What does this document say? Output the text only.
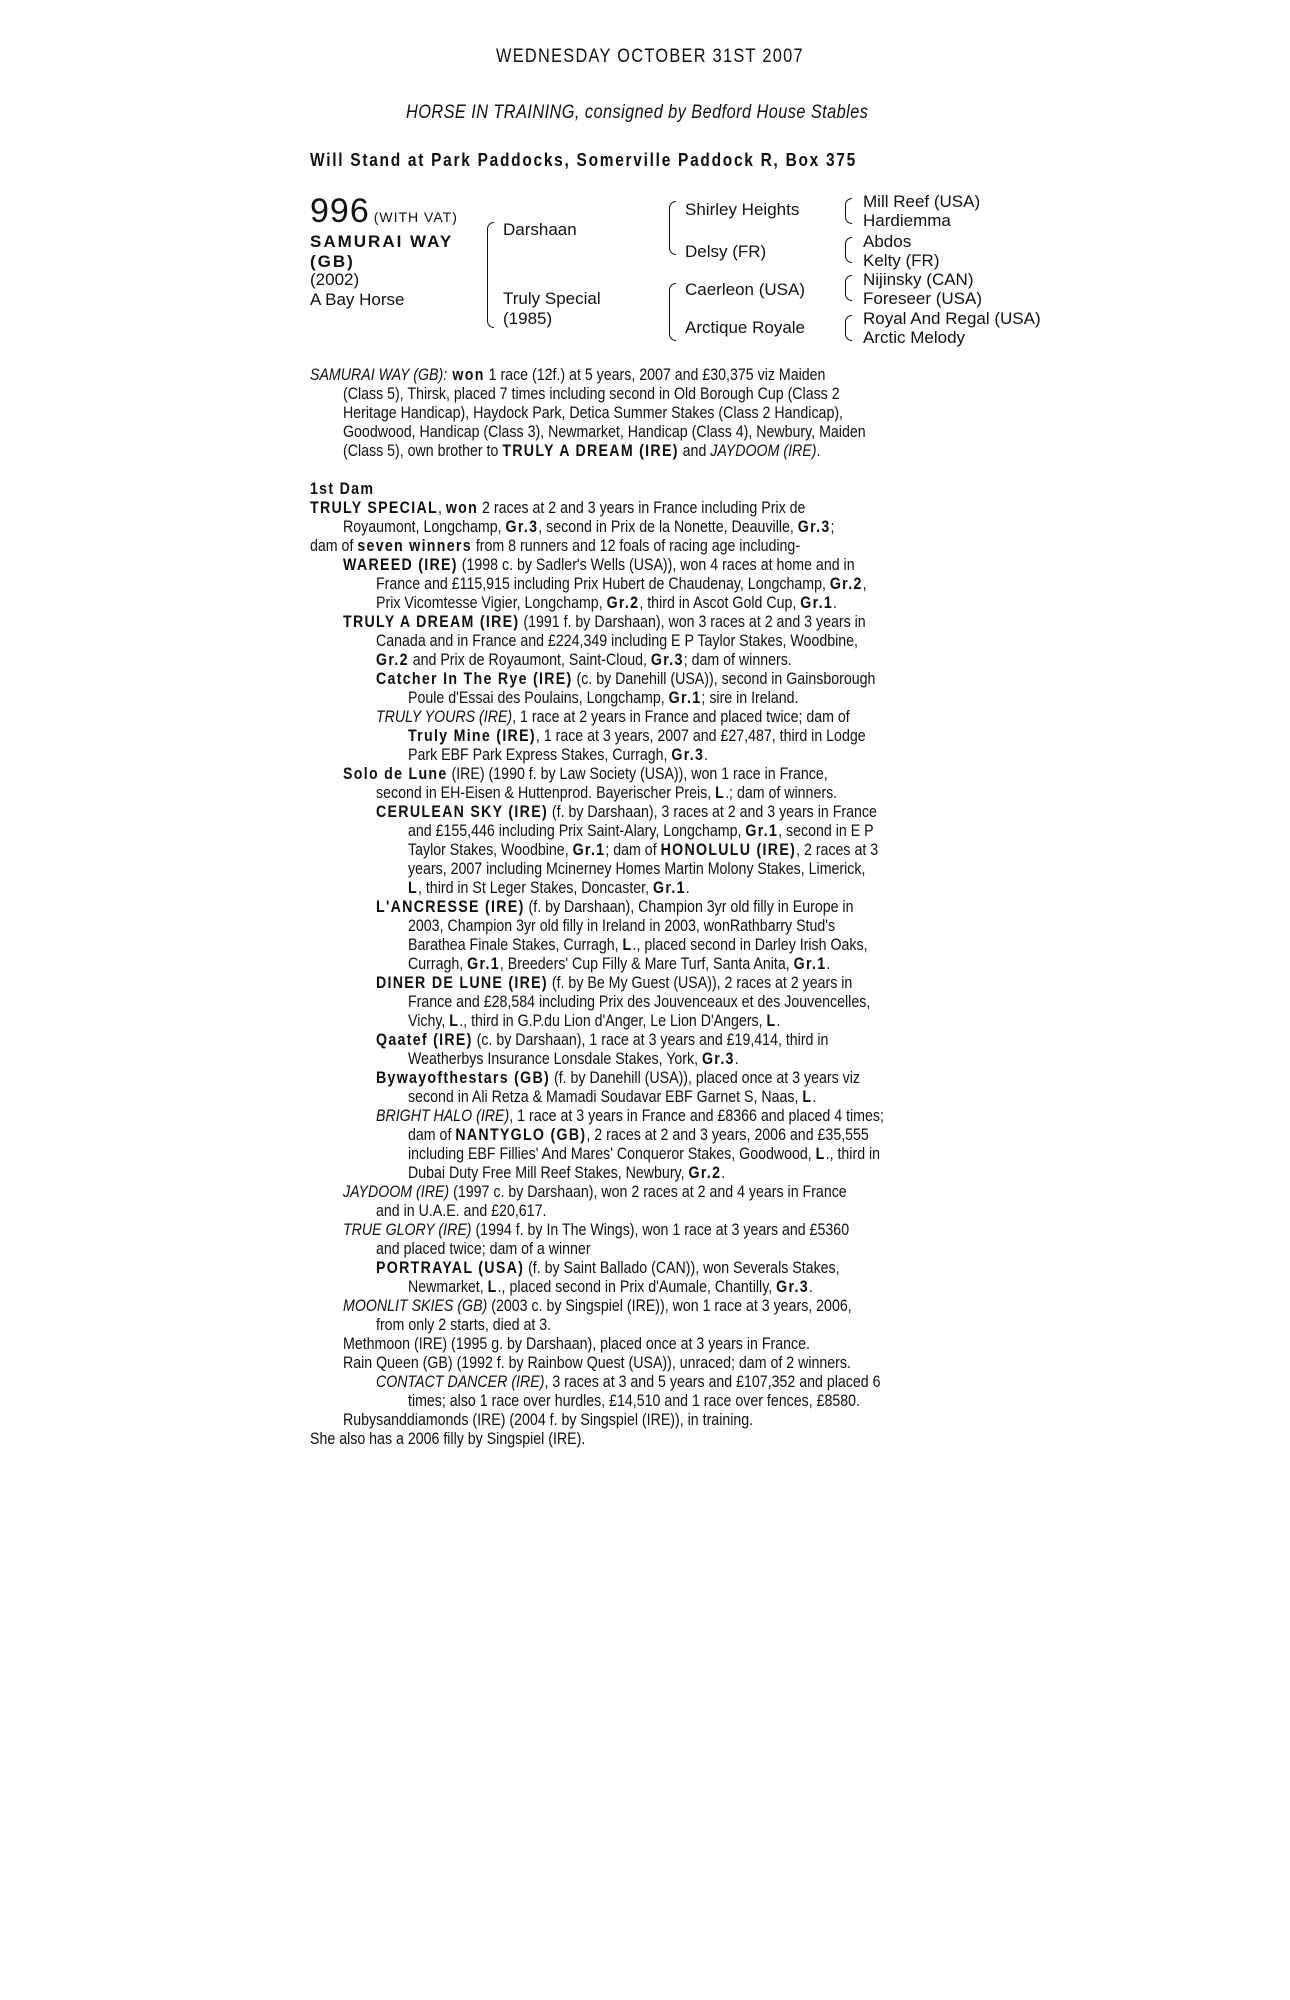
WEDNESDAY OCTOBER 31ST 2007
HORSE IN TRAINING, consigned by Bedford House Stables
Will Stand at Park Paddocks, Somerville Paddock R, Box 375
996 (WITH VAT)
SAMURAI WAY (GB)
(2002)
A Bay Horse
Darshaan
Truly Special
(1985)
Shirley Heights
Delsy (FR)
Caerleon (USA)
Arctique Royale
Mill Reef (USA)
Hardiemma
Abdos
Kelty (FR)
Nijinsky (CAN)
Foreseer (USA)
Royal And Regal (USA)
Arctic Melody
SAMURAI WAY (GB): won 1 race (12f.) at 5 years, 2007 and £30,375 viz Maiden
(Class 5), Thirsk, placed 7 times including second in Old Borough Cup (Class 2
Heritage Handicap), Haydock Park, Detica Summer Stakes (Class 2 Handicap),
Goodwood, Handicap (Class 3), Newmarket, Handicap (Class 4), Newbury, Maiden
(Class 5), own brother to TRULY A DREAM (IRE) and JAYDOOM (IRE).
1st Dam
TRULY SPECIAL, won 2 races at 2 and 3 years in France including Prix de
Royaumont, Longchamp, Gr.3, second in Prix de la Nonette, Deauville, Gr.3;
dam of seven winners from 8 runners and 12 foals of racing age including-
WAREED (IRE) (1998 c. by Sadler's Wells (USA)), won 4 races at home and in
France and £115,915 including Prix Hubert de Chaudenay, Longchamp, Gr.2,
Prix Vicomtesse Vigier, Longchamp, Gr.2, third in Ascot Gold Cup, Gr.1.
TRULY A DREAM (IRE) (1991 f. by Darshaan), won 3 races at 2 and 3 years in
Canada and in France and £224,349 including E P Taylor Stakes, Woodbine,
Gr.2 and Prix de Royaumont, Saint-Cloud, Gr.3; dam of winners.
Catcher In The Rye (IRE) (c. by Danehill (USA)), second in Gainsborough
Poule d'Essai des Poulains, Longchamp, Gr.1; sire in Ireland.
TRULY YOURS (IRE), 1 race at 2 years in France and placed twice; dam of
Truly Mine (IRE), 1 race at 3 years, 2007 and £27,487, third in Lodge
Park EBF Park Express Stakes, Curragh, Gr.3.
Solo de Lune (IRE) (1990 f. by Law Society (USA)), won 1 race in France,
second in EH-Eisen & Huttenprod. Bayerischer Preis, L.; dam of winners.
CERULEAN SKY (IRE) (f. by Darshaan), 3 races at 2 and 3 years in France
and £155,446 including Prix Saint-Alary, Longchamp, Gr.1, second in E P
Taylor Stakes, Woodbine, Gr.1; dam of HONOLULU (IRE), 2 races at 3
years, 2007 including Mcinerney Homes Martin Molony Stakes, Limerick,
L, third in St Leger Stakes, Doncaster, Gr.1.
L'ANCRESSE (IRE) (f. by Darshaan), Champion 3yr old filly in Europe in
2003, Champion 3yr old filly in Ireland in 2003, wonRathbarry Stud's
Barathea Finale Stakes, Curragh, L., placed second in Darley Irish Oaks,
Curragh, Gr.1, Breeders' Cup Filly & Mare Turf, Santa Anita, Gr.1.
DINER DE LUNE (IRE) (f. by Be My Guest (USA)), 2 races at 2 years in
France and £28,584 including Prix des Jouvenceaux et des Jouvencelles,
Vichy, L., third in G.P.du Lion d'Anger, Le Lion D'Angers, L.
Qaatef (IRE) (c. by Darshaan), 1 race at 3 years and £19,414, third in
Weatherbys Insurance Lonsdale Stakes, York, Gr.3.
Bywayofthestars (GB) (f. by Danehill (USA)), placed once at 3 years viz
second in Ali Retza & Mamadi Soudavar EBF Garnet S, Naas, L.
BRIGHT HALO (IRE), 1 race at 3 years in France and £8366 and placed 4 times;
dam of NANTYGLO (GB), 2 races at 2 and 3 years, 2006 and £35,555
including EBF Fillies' And Mares' Conqueror Stakes, Goodwood, L., third in
Dubai Duty Free Mill Reef Stakes, Newbury, Gr.2.
JAYDOOM (IRE) (1997 c. by Darshaan), won 2 races at 2 and 4 years in France
and in U.A.E. and £20,617.
TRUE GLORY (IRE) (1994 f. by In The Wings), won 1 race at 3 years and £5360
and placed twice; dam of a winner
PORTRAYAL (USA) (f. by Saint Ballado (CAN)), won Severals Stakes,
Newmarket, L., placed second in Prix d'Aumale, Chantilly, Gr.3.
MOONLIT SKIES (GB) (2003 c. by Singspiel (IRE)), won 1 race at 3 years, 2006,
from only 2 starts, died at 3.
Methmoon (IRE) (1995 g. by Darshaan), placed once at 3 years in France.
Rain Queen (GB) (1992 f. by Rainbow Quest (USA)), unraced; dam of 2 winners.
CONTACT DANCER (IRE), 3 races at 3 and 5 years and £107,352 and placed 6
times; also 1 race over hurdles, £14,510 and 1 race over fences, £8580.
Rubysanddiamonds (IRE) (2004 f. by Singspiel (IRE)), in training.
She also has a 2006 filly by Singspiel (IRE).
